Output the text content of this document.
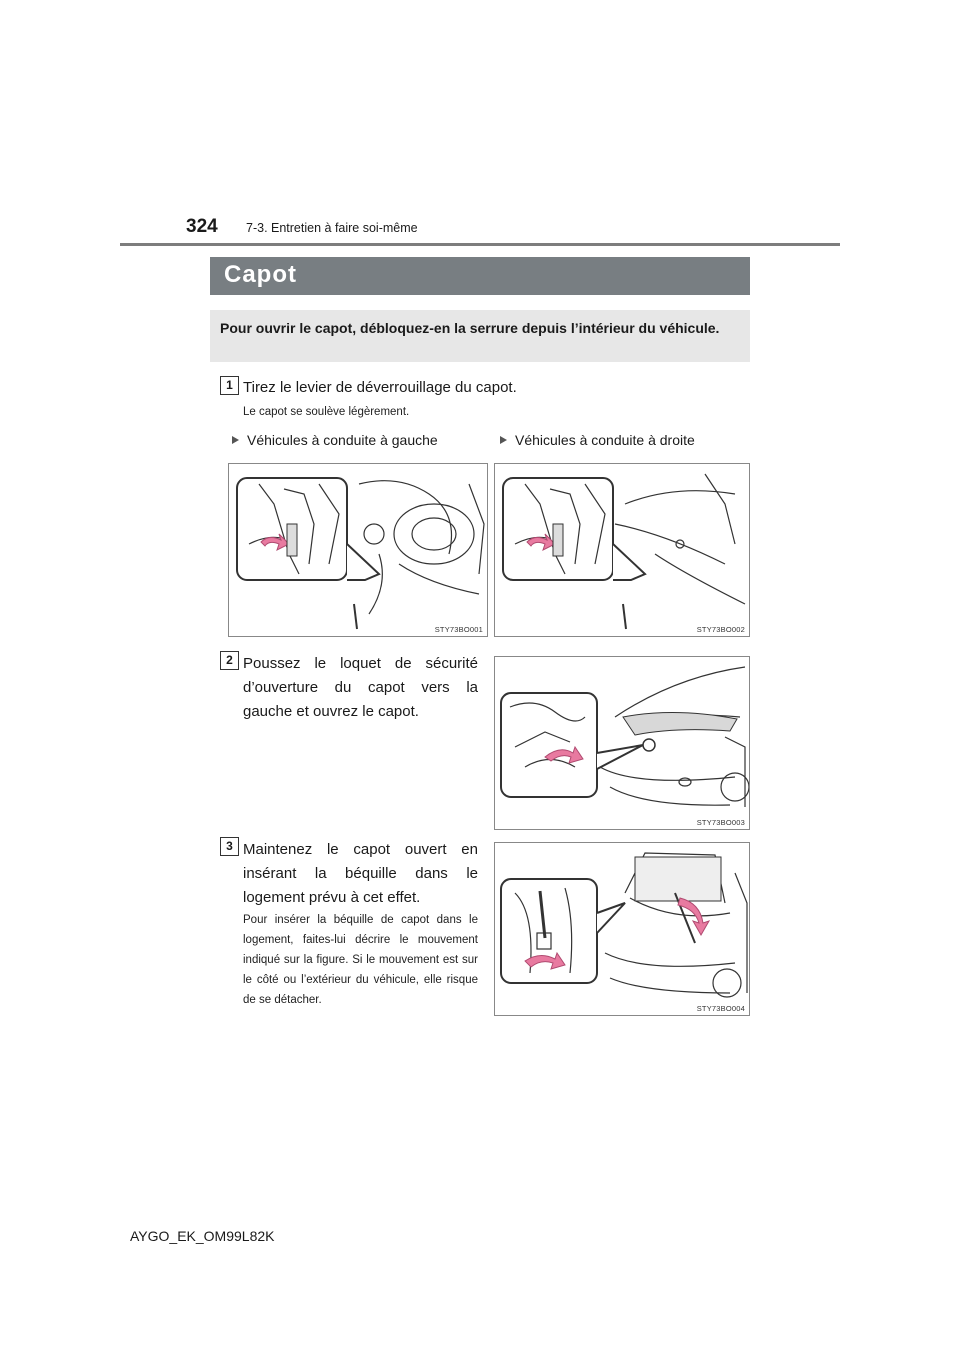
324 7-3. Entretien à faire soi-même
Capot
Pour ouvrir le capot, débloquez-en la serrure depuis l’intérieur du véhicule.
1 Tirez le levier de déverrouillage du capot.
Le capot se soulève légèrement.
Véhicules à conduite à gauche	Véhicules à conduite à droite
STY73BO001	STY73BO002
2 Poussez le loquet de sécurité d’ouverture du capot vers la gauche et ouvrez le capot.
STY73BO003
3 Maintenez le capot ouvert en insérant la béquille dans le logement prévu à cet effet.
Pour insérer la béquille de capot dans le logement, faites-lui décrire le mouvement indiqué sur la figure. Si le mouvement est sur le côté ou l’extérieur du véhicule, elle risque de se détacher.
STY73BO004
AYGO_EK_OM99L82K
